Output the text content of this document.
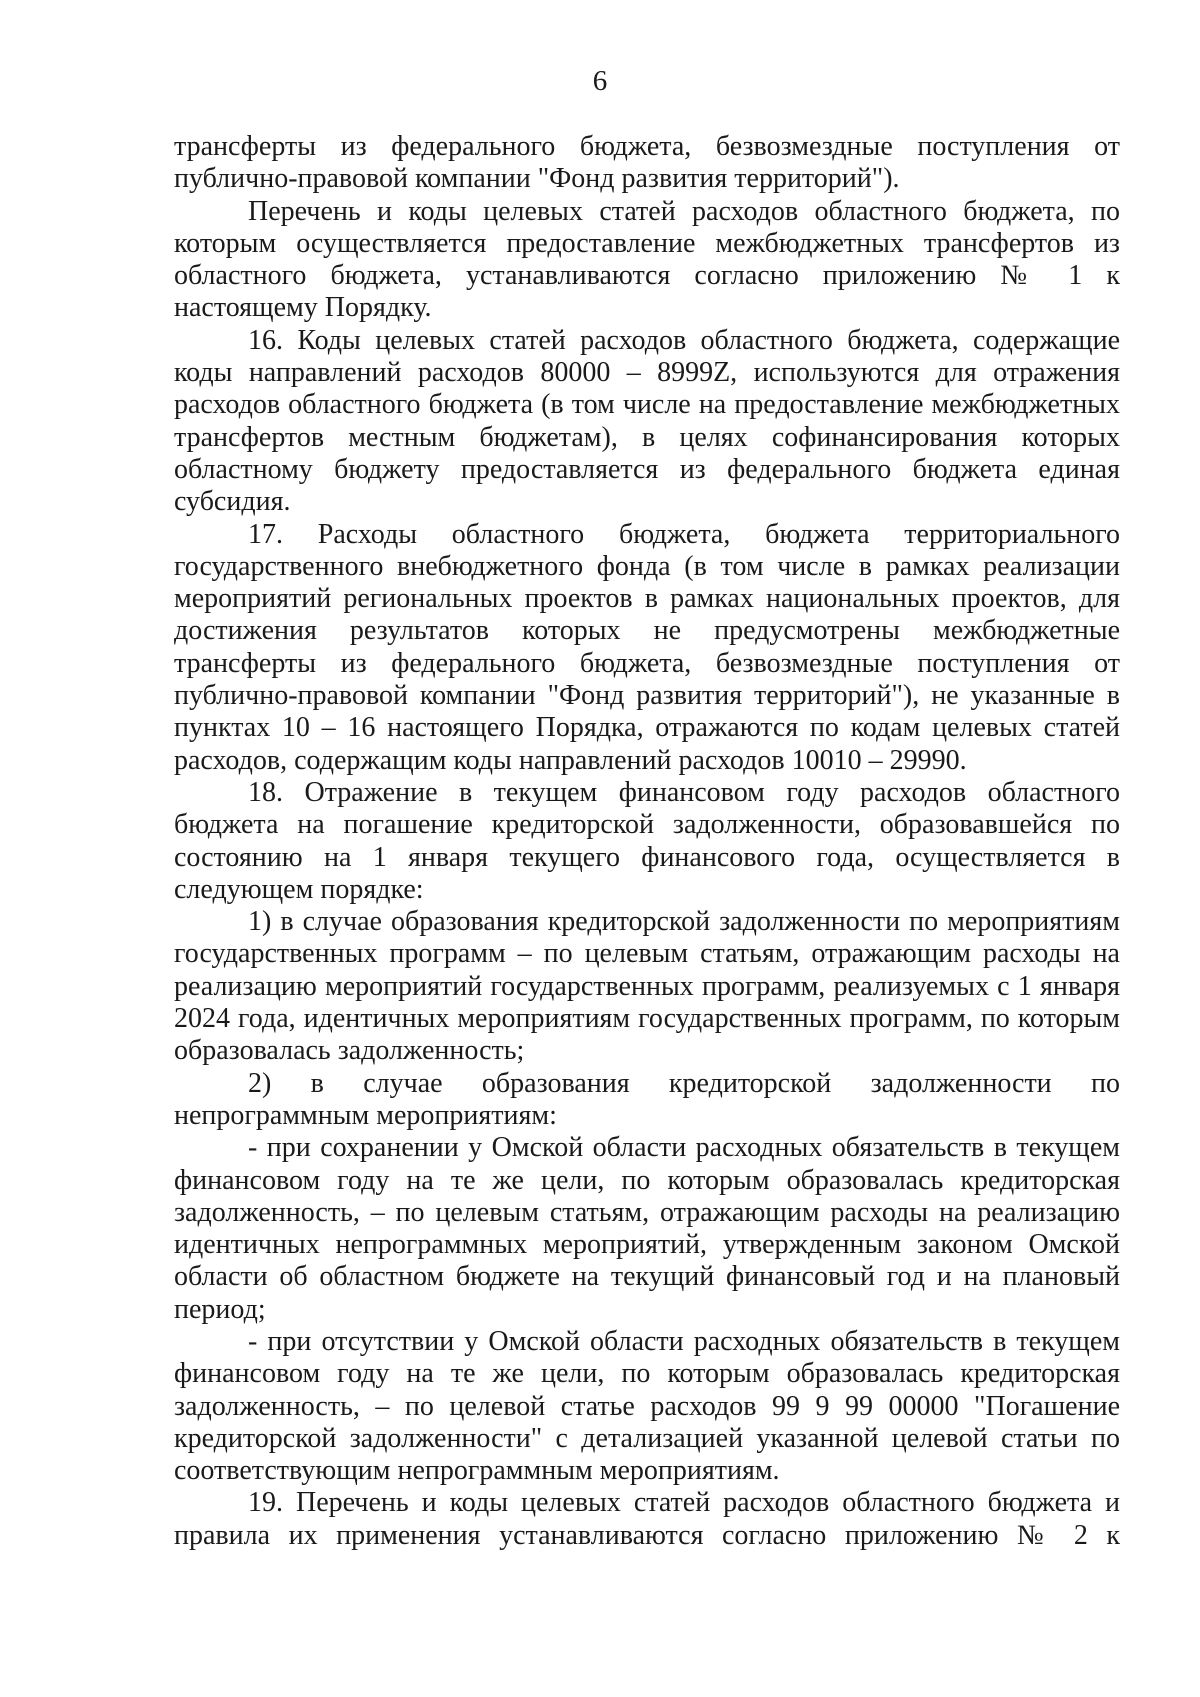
6

трансферты из федерального бюджета, безвозмездные поступления от публично-правовой компании "Фонд развития территорий").

Перечень и коды целевых статей расходов областного бюджета, по которым осуществляется предоставление межбюджетных трансфертов из областного бюджета, устанавливаются согласно приложению № 1 к настоящему Порядку.

16. Коды целевых статей расходов областного бюджета, содержащие коды направлений расходов 80000 – 8999Z, используются для отражения расходов областного бюджета (в том числе на предоставление межбюджетных трансфертов местным бюджетам), в целях софинансирования которых областному бюджету предоставляется из федерального бюджета единая субсидия.

17. Расходы областного бюджета, бюджета территориального государственного внебюджетного фонда (в том числе в рамках реализации мероприятий региональных проектов в рамках национальных проектов, для достижения результатов которых не предусмотрены межбюджетные трансферты из федерального бюджета, безвозмездные поступления от публично-правовой компании "Фонд развития территорий"), не указанные в пунктах 10 – 16 настоящего Порядка, отражаются по кодам целевых статей расходов, содержащим коды направлений расходов 10010 – 29990.

18. Отражение в текущем финансовом году расходов областного бюджета на погашение кредиторской задолженности, образовавшейся по состоянию на 1 января текущего финансового года, осуществляется в следующем порядке:

1) в случае образования кредиторской задолженности по мероприятиям государственных программ – по целевым статьям, отражающим расходы на реализацию мероприятий государственных программ, реализуемых с 1 января 2024 года, идентичных мероприятиям государственных программ, по которым образовалась задолженность;

2) в случае образования кредиторской задолженности по непрограммным мероприятиям:

- при сохранении у Омской области расходных обязательств в текущем финансовом году на те же цели, по которым образовалась кредиторская задолженность, – по целевым статьям, отражающим расходы на реализацию идентичных непрограммных мероприятий, утвержденным законом Омской области об областном бюджете на текущий финансовый год и на плановый период;

- при отсутствии у Омской области расходных обязательств в текущем финансовом году на те же цели, по которым образовалась кредиторская задолженность, – по целевой статье расходов 99 9 99 00000 "Погашение кредиторской задолженности" с детализацией указанной целевой статьи по соответствующим непрограммным мероприятиям.

19. Перечень и коды целевых статей расходов областного бюджета и правила их применения устанавливаются согласно приложению № 2 к
